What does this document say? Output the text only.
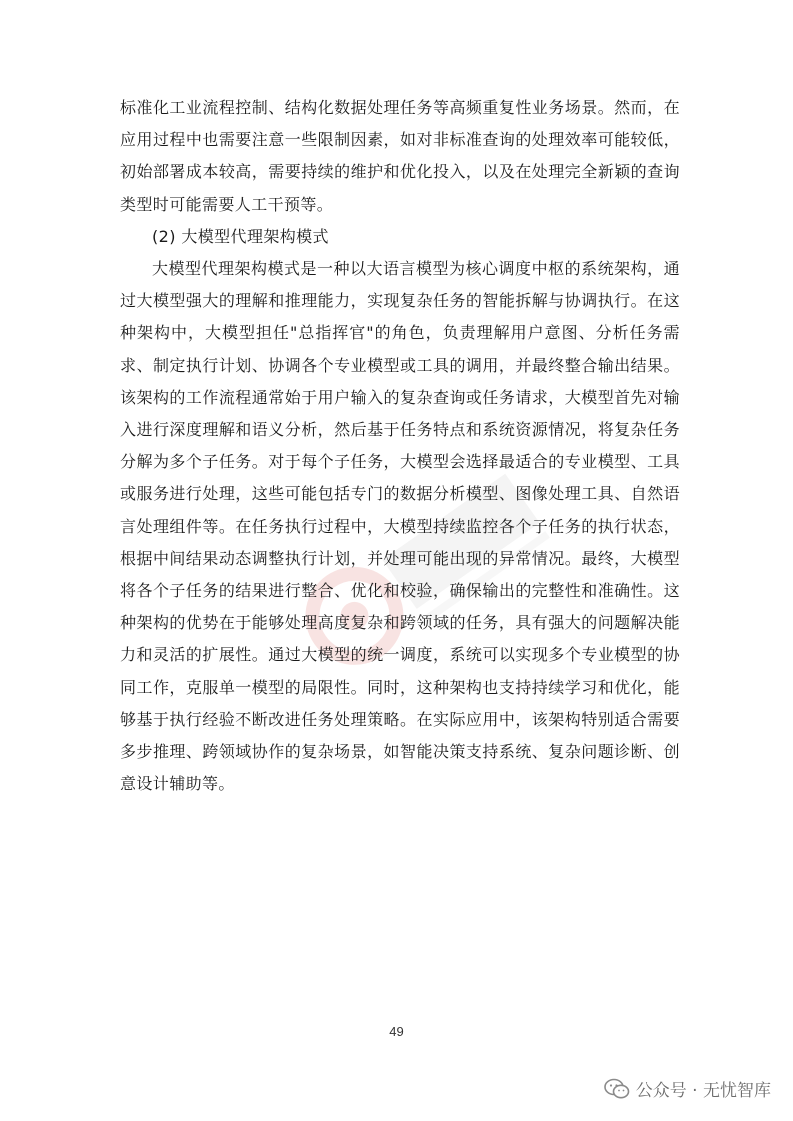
标准化工业流程控制、结构化数据处理任务等高频重复性业务场景。然而，在应用过程中也需要注意一些限制因素，如对非标准查询的处理效率可能较低，初始部署成本较高，需要持续的维护和优化投入，以及在处理完全新颖的查询类型时可能需要人工干预等。

(2) 大模型代理架构模式

大模型代理架构模式是一种以大语言模型为核心调度中枢的系统架构，通过大模型强大的理解和推理能力，实现复杂任务的智能拆解与协调执行。在这种架构中，大模型担任"总指挥官"的角色，负责理解用户意图、分析任务需求、制定执行计划、协调各个专业模型或工具的调用，并最终整合输出结果。该架构的工作流程通常始于用户输入的复杂查询或任务请求，大模型首先对输入进行深度理解和语义分析，然后基于任务特点和系统资源情况，将复杂任务分解为多个子任务。对于每个子任务，大模型会选择最适合的专业模型、工具或服务进行处理，这些可能包括专门的数据分析模型、图像处理工具、自然语言处理组件等。在任务执行过程中，大模型持续监控各个子任务的执行状态，根据中间结果动态调整执行计划，并处理可能出现的异常情况。最终，大模型将各个子任务的结果进行整合、优化和校验，确保输出的完整性和准确性。这种架构的优势在于能够处理高度复杂和跨领域的任务，具有强大的问题解决能力和灵活的扩展性。通过大模型的统一调度，系统可以实现多个专业模型的协同工作，克服单一模型的局限性。同时，这种架构也支持持续学习和优化，能够基于执行经验不断改进任务处理策略。在实际应用中，该架构特别适合需要多步推理、跨领域协作的复杂场景，如智能决策支持系统、复杂问题诊断、创意设计辅助等。

49
公众号 · 无忧智库
